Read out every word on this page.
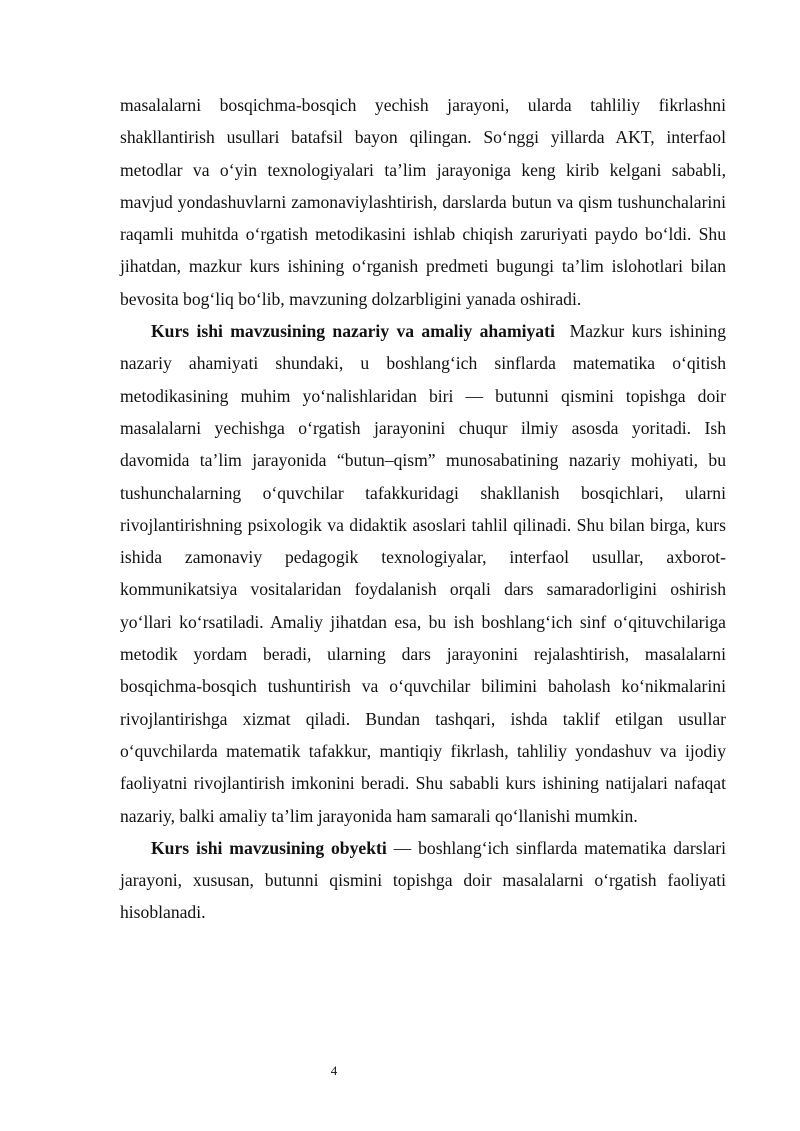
masalalarni bosqichma-bosqich yechish jarayoni, ularda tahliliy fikrlashni shakllantirish usullari batafsil bayon qilingan. So‘nggi yillarda AKT, interfaol metodlar va o‘yin texnologiyalari ta’lim jarayoniga keng kirib kelgani sababli, mavjud yondashuvlarni zamonaviylashtirish, darslarda butun va qism tushunchalarini raqamli muhitda o‘rgatish metodikasini ishlab chiqish zaruriyati paydo bo‘ldi. Shu jihatdan, mazkur kurs ishining o‘rganish predmeti bugungi ta’lim islohotlari bilan bevosita bog‘liq bo‘lib, mavzuning dolzarbligini yanada oshiradi.

Kurs ishi mavzusining nazariy va amaliy ahamiyati  Mazkur kurs ishining nazariy ahamiyati shundaki, u boshlang‘ich sinflarda matematika o‘qitish metodikasining muhim yo‘nalishlaridan biri — butunni qismini topishga doir masalalarni yechishga o‘rgatish jarayonini chuqur ilmiy asosda yoritadi. Ish davomida ta’lim jarayonida “butun–qism” munosabatining nazariy mohiyati, bu tushunchalarning o‘quvchilar tafakkuridagi shakllanish bosqichlari, ularni rivojlantirishning psixologik va didaktik asoslari tahlil qilinadi. Shu bilan birga, kurs ishida zamonaviy pedagogik texnologiyalar, interfaol usullar, axborot-kommunikatsiya vositalaridan foydalanish orqali dars samaradorligini oshirish yo‘llari ko‘rsatiladi. Amaliy jihatdan esa, bu ish boshlang‘ich sinf o‘qituvchilariga metodik yordam beradi, ularning dars jarayonini rejalashtirish, masalalarni bosqichma-bosqich tushuntirish va o‘quvchilar bilimini baholash ko‘nikmalarini rivojlantirishga xizmat qiladi. Bundan tashqari, ishda taklif etilgan usullar o‘quvchilarda matematik tafakkur, mantiqiy fikrlash, tahliliy yondashuv va ijodiy faoliyatni rivojlantirish imkonini beradi. Shu sababli kurs ishining natijalari nafaqat nazariy, balki amaliy ta’lim jarayonida ham samarali qo‘llanishi mumkin.

Kurs ishi mavzusining obyekti — boshlang‘ich sinflarda matematika darslari jarayoni, xususan, butunni qismini topishga doir masalalarni o‘rgatish faoliyati hisoblanadi.

4
